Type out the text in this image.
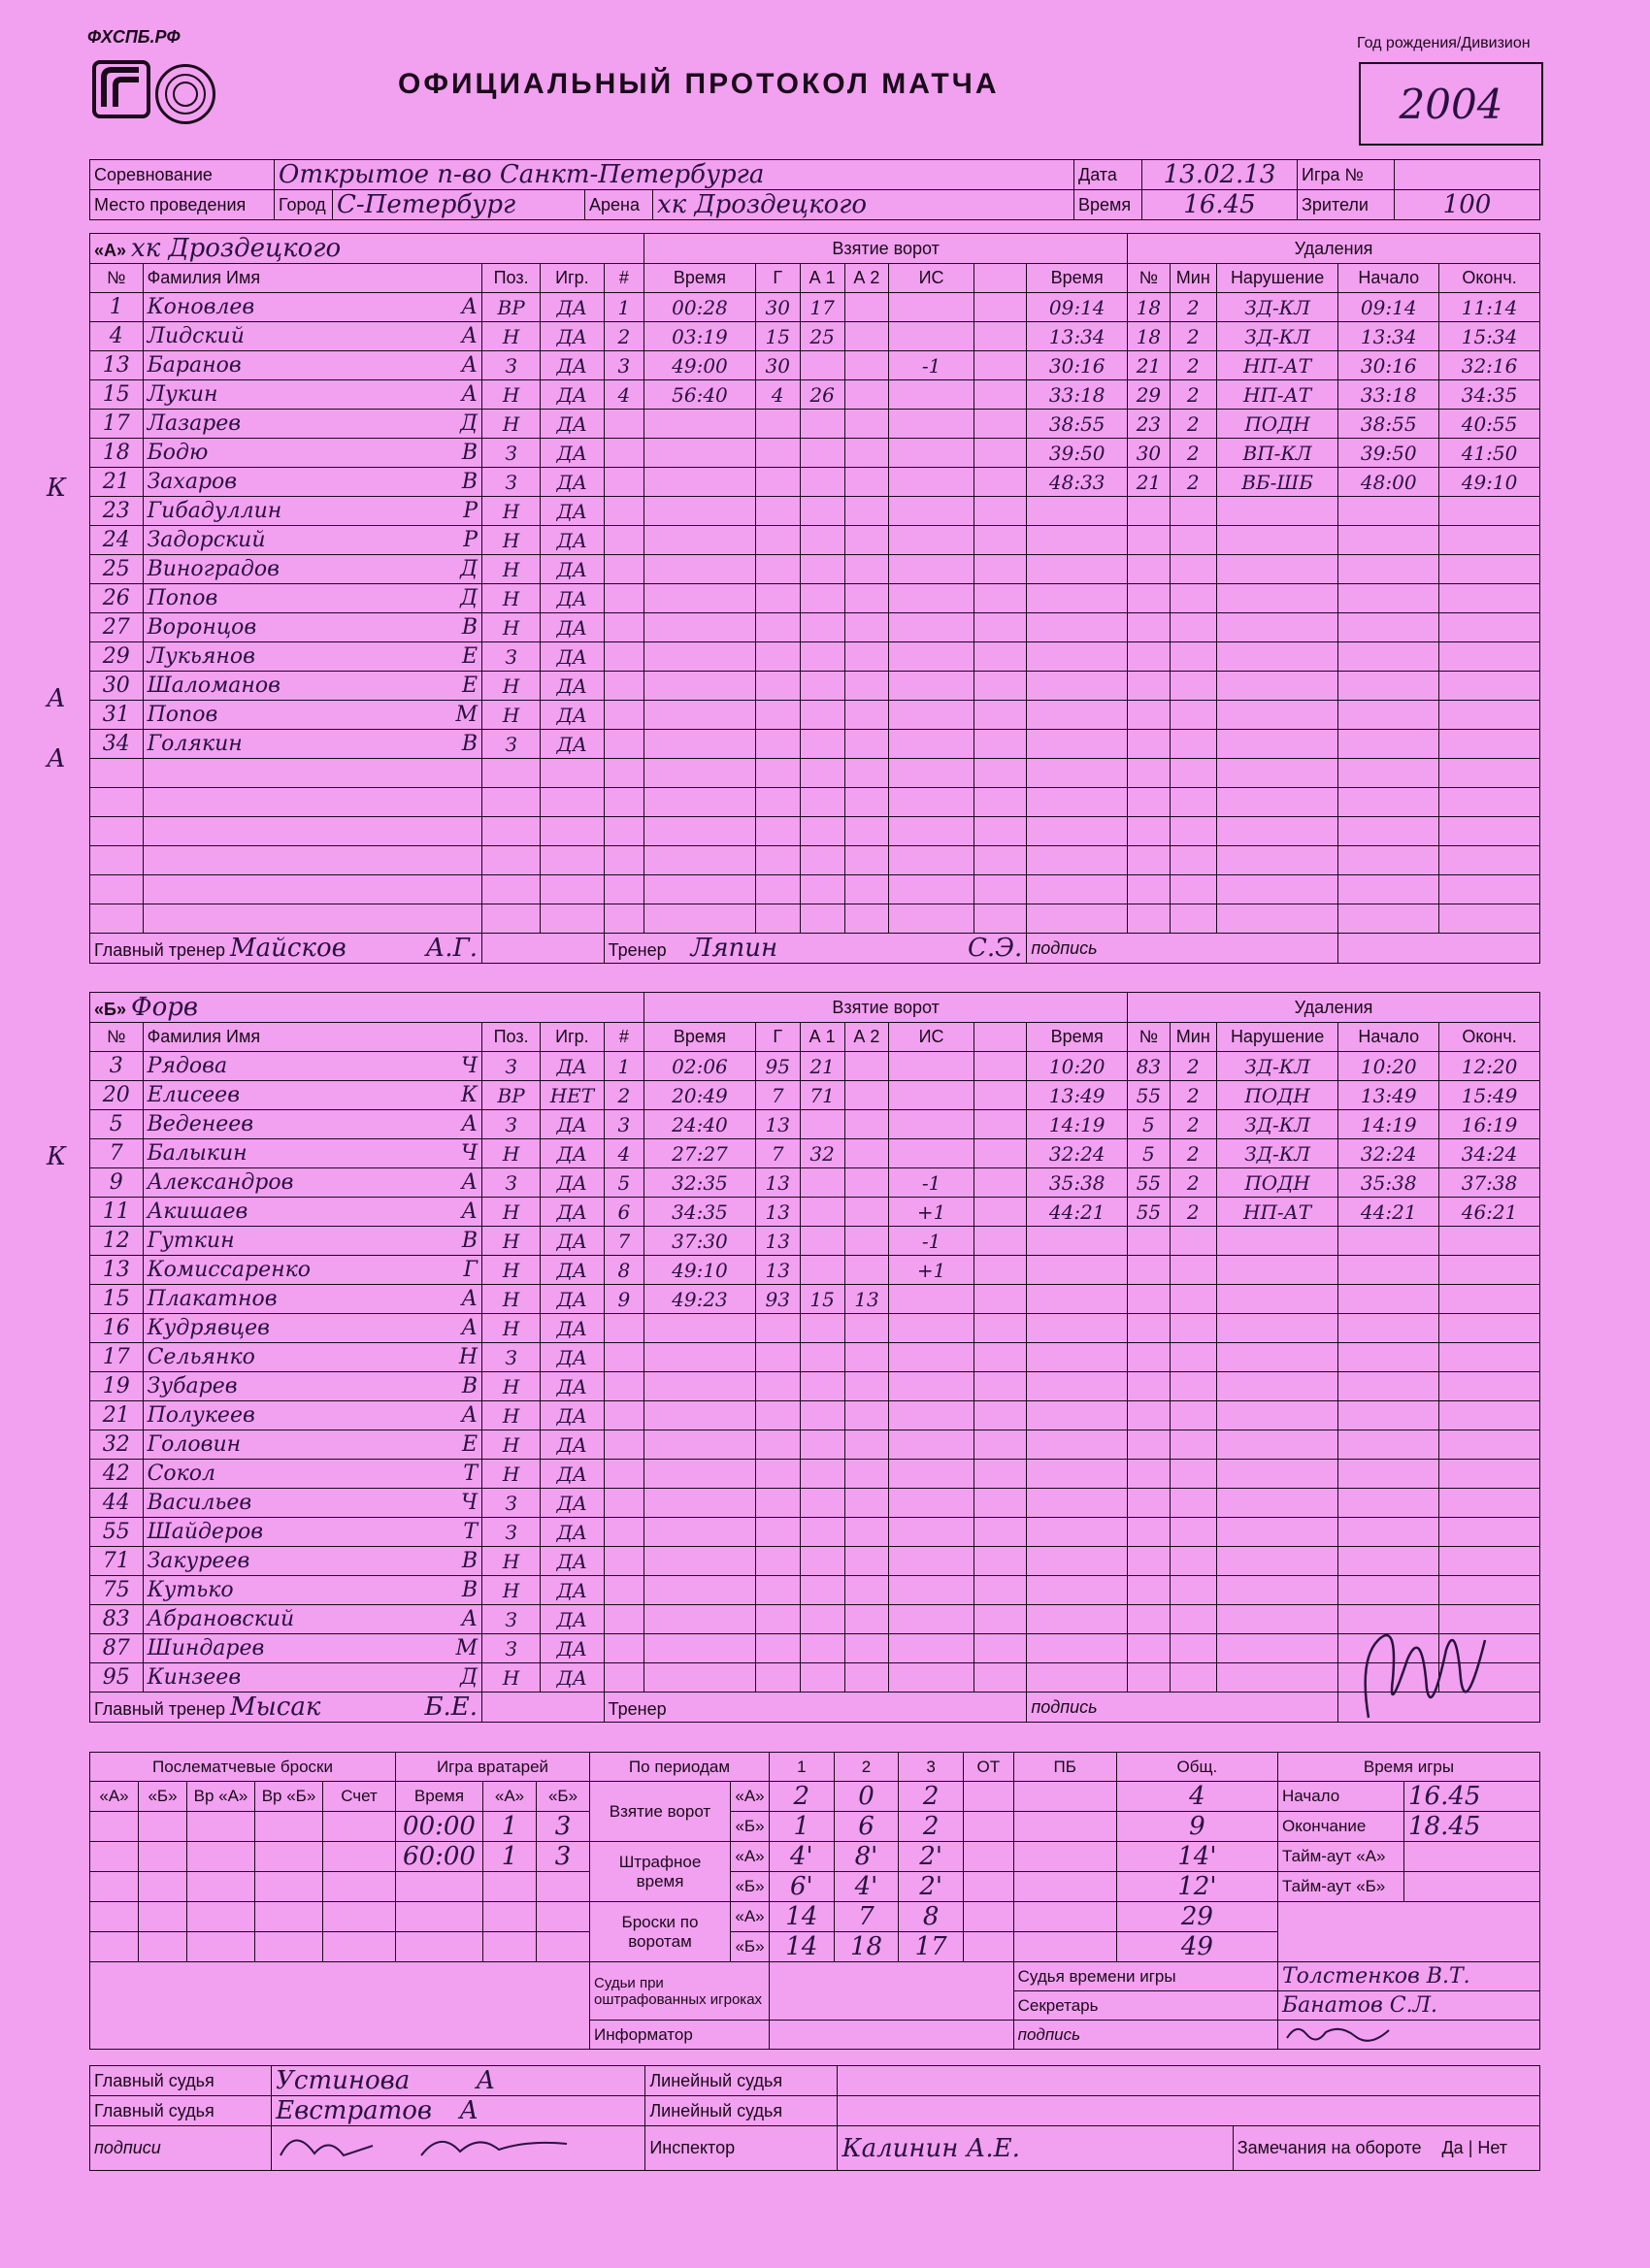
ФХСПБ.РФ
ОФИЦИАЛЬНЫЙ ПРОТОКОЛ МАТЧА
Год рождения/Дивизион
2004
Соревнование	Открытое п-во Санкт-Петербурга				Дата	13.02.13	Игра №	
Место проведения	Город	С-Петербург	Арена	хк Дроздецкого	Время	16.45	Зрители	100
«А» хк Дроздецкого					Взятие ворот							Удаления				
№	Фамилия Имя	Поз.	Игр.	#	Время	Г	А 1	А 2	ИС		Время	№	Мин	Нарушение	Начало	Оконч.
1	Коновлев А	ВР	ДА	1	00:28	30	17				09:14	18	2	ЗД-КЛ	09:14	11:14
4	Лидский А	Н	ДА	2	03:19	15	25				13:34	18	2	ЗД-КЛ	13:34	15:34
13	Баранов А	З	ДА	3	49:00	30			-1		30:16	21	2	НП-АТ	30:16	32:16
15	Лукин А	Н	ДА	4	56:40	4	26				33:18	29	2	НП-АТ	33:18	34:35
17	Лазарев Д	Н	ДА								38:55	23	2	ПОДН	38:55	40:55
18	Бодю В	З	ДА								39:50	30	2	ВП-КЛ	39:50	41:50
21	Захаров В	З	ДА								48:33	21	2	ВБ-ШБ	48:00	49:10
23	Гибадуллин Р	Н	ДА													
24	Задорский Р	Н	ДА													
25	Виноградов Д	Н	ДА													
26	Попов Д	Н	ДА													
27	Воронцов В	Н	ДА													
29	Лукьянов Е	З	ДА													
30	Шаломанов Е	Н	ДА													
31	Попов М	Н	ДА													
34	Голякин В	З	ДА													

Главный тренер Майсков А.Г.				Тренер Ляпин С.Э.							подпись					
«Б» Форв					Взятие ворот							Удаления				
№	Фамилия Имя	Поз.	Игр.	#	Время	Г	А 1	А 2	ИС		Время	№	Мин	Нарушение	Начало	Оконч.
3	Рядова Ч	З	ДА	1	02:06	95	21				10:20	83	2	ЗД-КЛ	10:20	12:20
20	Елисеев К	ВР	НЕТ	2	20:49	7	71				13:49	55	2	ПОДН	13:49	15:49
5	Веденеев А	З	ДА	3	24:40	13					14:19	5	2	ЗД-КЛ	14:19	16:19
7	Балыкин Ч	Н	ДА	4	27:27	7	32				32:24	5	2	ЗД-КЛ	32:24	34:24
9	Александров А	З	ДА	5	32:35	13			-1		35:38	55	2	ПОДН	35:38	37:38
11	Акишаев А	Н	ДА	6	34:35	13			+1		44:21	55	2	НП-АТ	44:21	46:21
12	Гуткин В	Н	ДА	7	37:30	13			-1							
13	Комиссаренко Г	Н	ДА	8	49:10	13			+1							
15	Плакатнов А	Н	ДА	9	49:23	93	15	13								
16	Кудрявцев А	Н	ДА													
17	Сельянко Н	З	ДА													
19	Зубарев В	Н	ДА													
21	Полукеев А	Н	ДА													
32	Головин Е	Н	ДА													
42	Сокол Т	Н	ДА													
44	Васильев Ч	З	ДА													
55	Шайдеров Т	З	ДА													
71	Закуреев В	Н	ДА													
75	Кутько В	Н	ДА													
83	Абрановский А	З	ДА													
87	Шиндарев М	З	ДА													
95	Кинзеев Д	Н	ДА													
Главный тренер Мысак Б.Е.				Тренер							подпись					
Послематчевые броски					Игра вратарей			По периодам		1	2	3	ОТ	ПБ	Общ.	Время игры	
«А»	«Б»	Вр «А»	Вр «Б»	Счет	Время	«А»	«Б»	Взятие ворот	«А»	2	0	2			4	Начало	16.45
					00:00	1	3		«Б»	1	6	2			9	Окончание	18.45
					60:00	1	3	Штрафное время	«А»	4'	8'	2'			14'	Тайм-аут «А»	
									«Б»	6'	4'	2'			12'	Тайм-аут «Б»	
								Броски по воротам	«А»	14	7	8			29		
									«Б»	14	18	17			49		
								Судьи при оштрафованных игроках						Судья времени игры		Толстенков В.Т.	
														Секретарь		Банатов С.Л.	
								Информатор						подпись	
Главный судья	Устинова А	Линейный судья		
Главный судья	Евстратов А	Линейный судья		
подписи		Инспектор	Калинин А.Е.	Замечания на обороте Да | Нет
К
А
А
К
